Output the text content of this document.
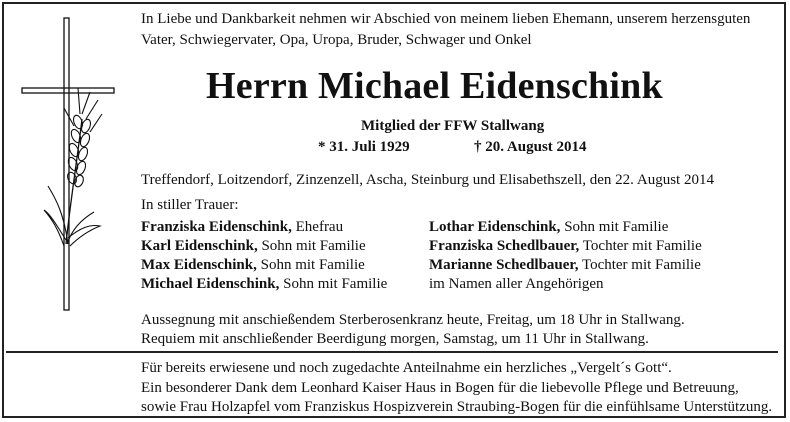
In Liebe und Dankbarkeit nehmen wir Abschied von meinem lieben Ehemann, unserem herzensguten
Vater, Schwiegervater, Opa, Uropa, Bruder, Schwager und Onkel
Herrn Michael Eidenschink
Mitglied der FFW Stallwang
* 31. Juli 1929	† 20. August 2014
Treffendorf, Loitzendorf, Zinzenzell, Ascha, Steinburg und Elisabethszell, den 22. August 2014
In stiller Trauer:
Franziska Eidenschink, Ehefrau
Karl Eidenschink, Sohn mit Familie
Max Eidenschink, Sohn mit Familie
Michael Eidenschink, Sohn mit Familie
Lothar Eidenschink, Sohn mit Familie
Franziska Schedlbauer, Tochter mit Familie
Marianne Schedlbauer, Tochter mit Familie
im Namen aller Angehörigen
Aussegnung mit anschießendem Sterberosenkranz heute, Freitag, um 18 Uhr in Stallwang.
Requiem mit anschließender Beerdigung morgen, Samstag, um 11 Uhr in Stallwang.
Für bereits erwiesene und noch zugedachte Anteilnahme ein herzliches „Vergelt´s Gott“.
Ein besonderer Dank dem Leonhard Kaiser Haus in Bogen für die liebevolle Pflege und Betreuung,
sowie Frau Holzapfel vom Franziskus Hospizverein Straubing-Bogen für die einfühlsame Unterstützung.
